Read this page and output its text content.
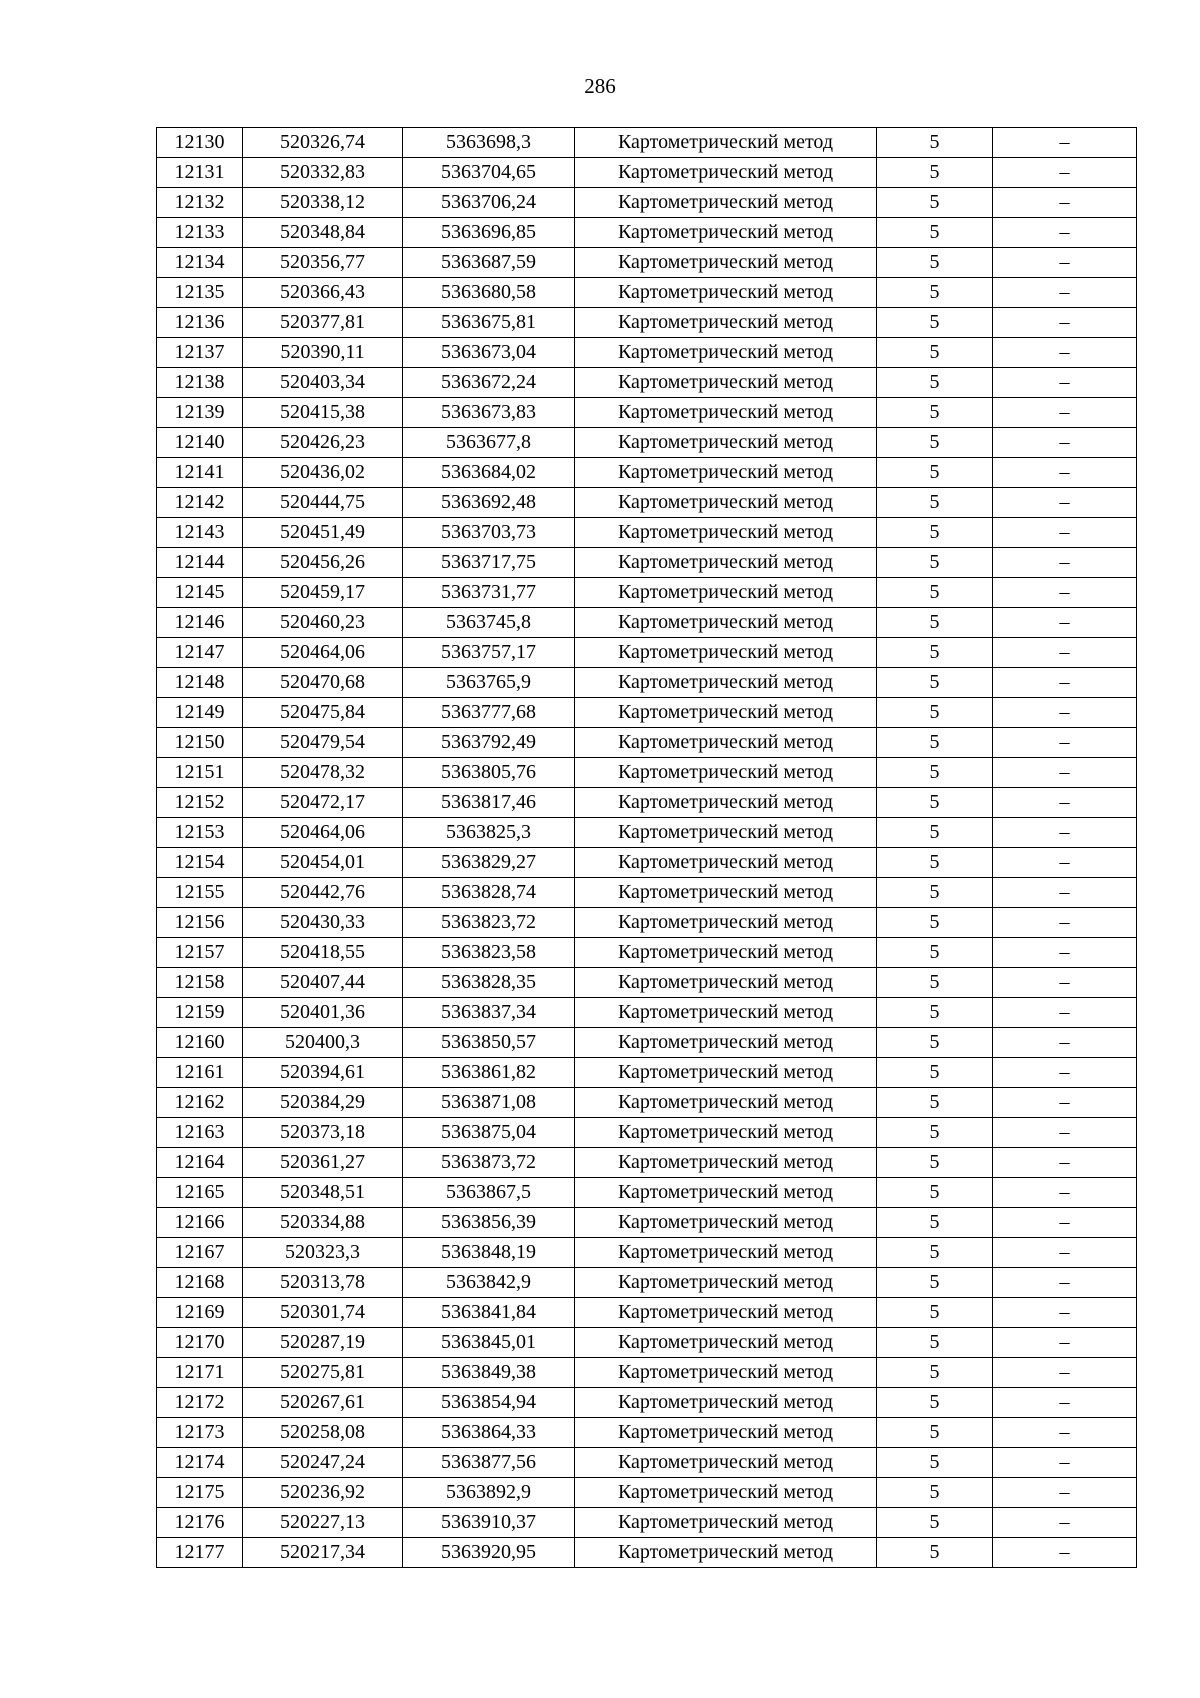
286
12130	520326,74	5363698,3	Картометрический метод	5	–
12131	520332,83	5363704,65	Картометрический метод	5	–
12132	520338,12	5363706,24	Картометрический метод	5	–
12133	520348,84	5363696,85	Картометрический метод	5	–
12134	520356,77	5363687,59	Картометрический метод	5	–
12135	520366,43	5363680,58	Картометрический метод	5	–
12136	520377,81	5363675,81	Картометрический метод	5	–
12137	520390,11	5363673,04	Картометрический метод	5	–
12138	520403,34	5363672,24	Картометрический метод	5	–
12139	520415,38	5363673,83	Картометрический метод	5	–
12140	520426,23	5363677,8	Картометрический метод	5	–
12141	520436,02	5363684,02	Картометрический метод	5	–
12142	520444,75	5363692,48	Картометрический метод	5	–
12143	520451,49	5363703,73	Картометрический метод	5	–
12144	520456,26	5363717,75	Картометрический метод	5	–
12145	520459,17	5363731,77	Картометрический метод	5	–
12146	520460,23	5363745,8	Картометрический метод	5	–
12147	520464,06	5363757,17	Картометрический метод	5	–
12148	520470,68	5363765,9	Картометрический метод	5	–
12149	520475,84	5363777,68	Картометрический метод	5	–
12150	520479,54	5363792,49	Картометрический метод	5	–
12151	520478,32	5363805,76	Картометрический метод	5	–
12152	520472,17	5363817,46	Картометрический метод	5	–
12153	520464,06	5363825,3	Картометрический метод	5	–
12154	520454,01	5363829,27	Картометрический метод	5	–
12155	520442,76	5363828,74	Картометрический метод	5	–
12156	520430,33	5363823,72	Картометрический метод	5	–
12157	520418,55	5363823,58	Картометрический метод	5	–
12158	520407,44	5363828,35	Картометрический метод	5	–
12159	520401,36	5363837,34	Картометрический метод	5	–
12160	520400,3	5363850,57	Картометрический метод	5	–
12161	520394,61	5363861,82	Картометрический метод	5	–
12162	520384,29	5363871,08	Картометрический метод	5	–
12163	520373,18	5363875,04	Картометрический метод	5	–
12164	520361,27	5363873,72	Картометрический метод	5	–
12165	520348,51	5363867,5	Картометрический метод	5	–
12166	520334,88	5363856,39	Картометрический метод	5	–
12167	520323,3	5363848,19	Картометрический метод	5	–
12168	520313,78	5363842,9	Картометрический метод	5	–
12169	520301,74	5363841,84	Картометрический метод	5	–
12170	520287,19	5363845,01	Картометрический метод	5	–
12171	520275,81	5363849,38	Картометрический метод	5	–
12172	520267,61	5363854,94	Картометрический метод	5	–
12173	520258,08	5363864,33	Картометрический метод	5	–
12174	520247,24	5363877,56	Картометрический метод	5	–
12175	520236,92	5363892,9	Картометрический метод	5	–
12176	520227,13	5363910,37	Картометрический метод	5	–
12177	520217,34	5363920,95	Картометрический метод	5	–
